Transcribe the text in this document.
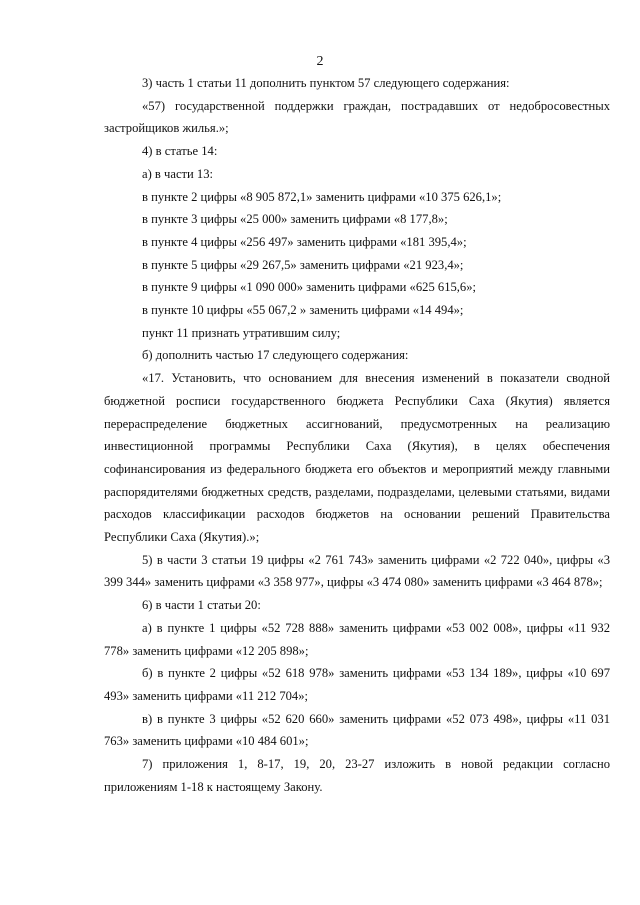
2

3) часть 1 статьи 11 дополнить пунктом 57 следующего содержания:

«57) государственной поддержки граждан, пострадавших от недобросовестных застройщиков жилья.»;

4) в статье 14:

а) в части 13:

в пункте 2 цифры «8 905 872,1» заменить цифрами «10 375 626,1»;

в пункте 3 цифры «25 000» заменить цифрами «8 177,8»;

в пункте 4 цифры «256 497» заменить цифрами «181 395,4»;

в пункте 5 цифры «29 267,5» заменить цифрами «21 923,4»;

в пункте 9 цифры «1 090 000» заменить цифрами «625 615,6»;

в пункте 10 цифры «55 067,2 » заменить цифрами «14 494»;

пункт 11 признать утратившим силу;

б) дополнить частью 17 следующего содержания:

«17. Установить, что основанием для внесения изменений в показатели сводной бюджетной росписи государственного бюджета Республики Саха (Якутия) является перераспределение бюджетных ассигнований, предусмотренных на реализацию инвестиционной программы Республики Саха (Якутия), в целях обеспечения софинансирования из федерального бюджета его объектов и мероприятий между главными распорядителями бюджетных средств, разделами, подразделами, целевыми статьями, видами расходов классификации расходов бюджетов на основании решений Правительства Республики Саха (Якутия).»;

5) в части 3 статьи 19 цифры «2 761 743» заменить цифрами «2 722 040», цифры «3 399 344» заменить цифрами «3 358 977», цифры «3 474 080» заменить цифрами «3 464 878»;

6) в части 1 статьи 20:

а) в пункте 1 цифры «52 728 888» заменить цифрами «53 002 008», цифры «11 932 778» заменить цифрами «12 205 898»;

б) в пункте 2 цифры «52 618 978» заменить цифрами «53 134 189», цифры «10 697 493» заменить цифрами «11 212 704»;

в) в пункте 3 цифры «52 620 660» заменить цифрами «52 073 498», цифры «11 031 763» заменить цифрами «10 484 601»;

7) приложения 1, 8-17, 19, 20, 23-27 изложить в новой редакции согласно приложениям 1-18 к настоящему Закону.
